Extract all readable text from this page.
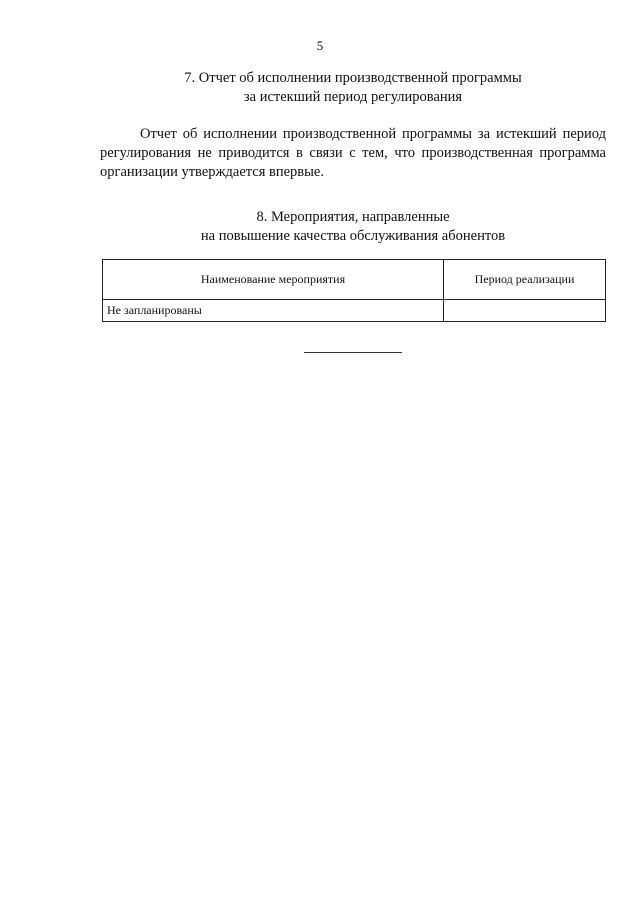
5
7. Отчет об исполнении производственной программы
за истекший период регулирования

Отчет об исполнении производственной программы за истекший период регулирования не приводится в связи с тем, что производственная программа организации утверждается впервые.

8. Мероприятия, направленные
на повышение качества обслуживания абонентов
Наименование мероприятия	Период реализации
Не запланированы	
